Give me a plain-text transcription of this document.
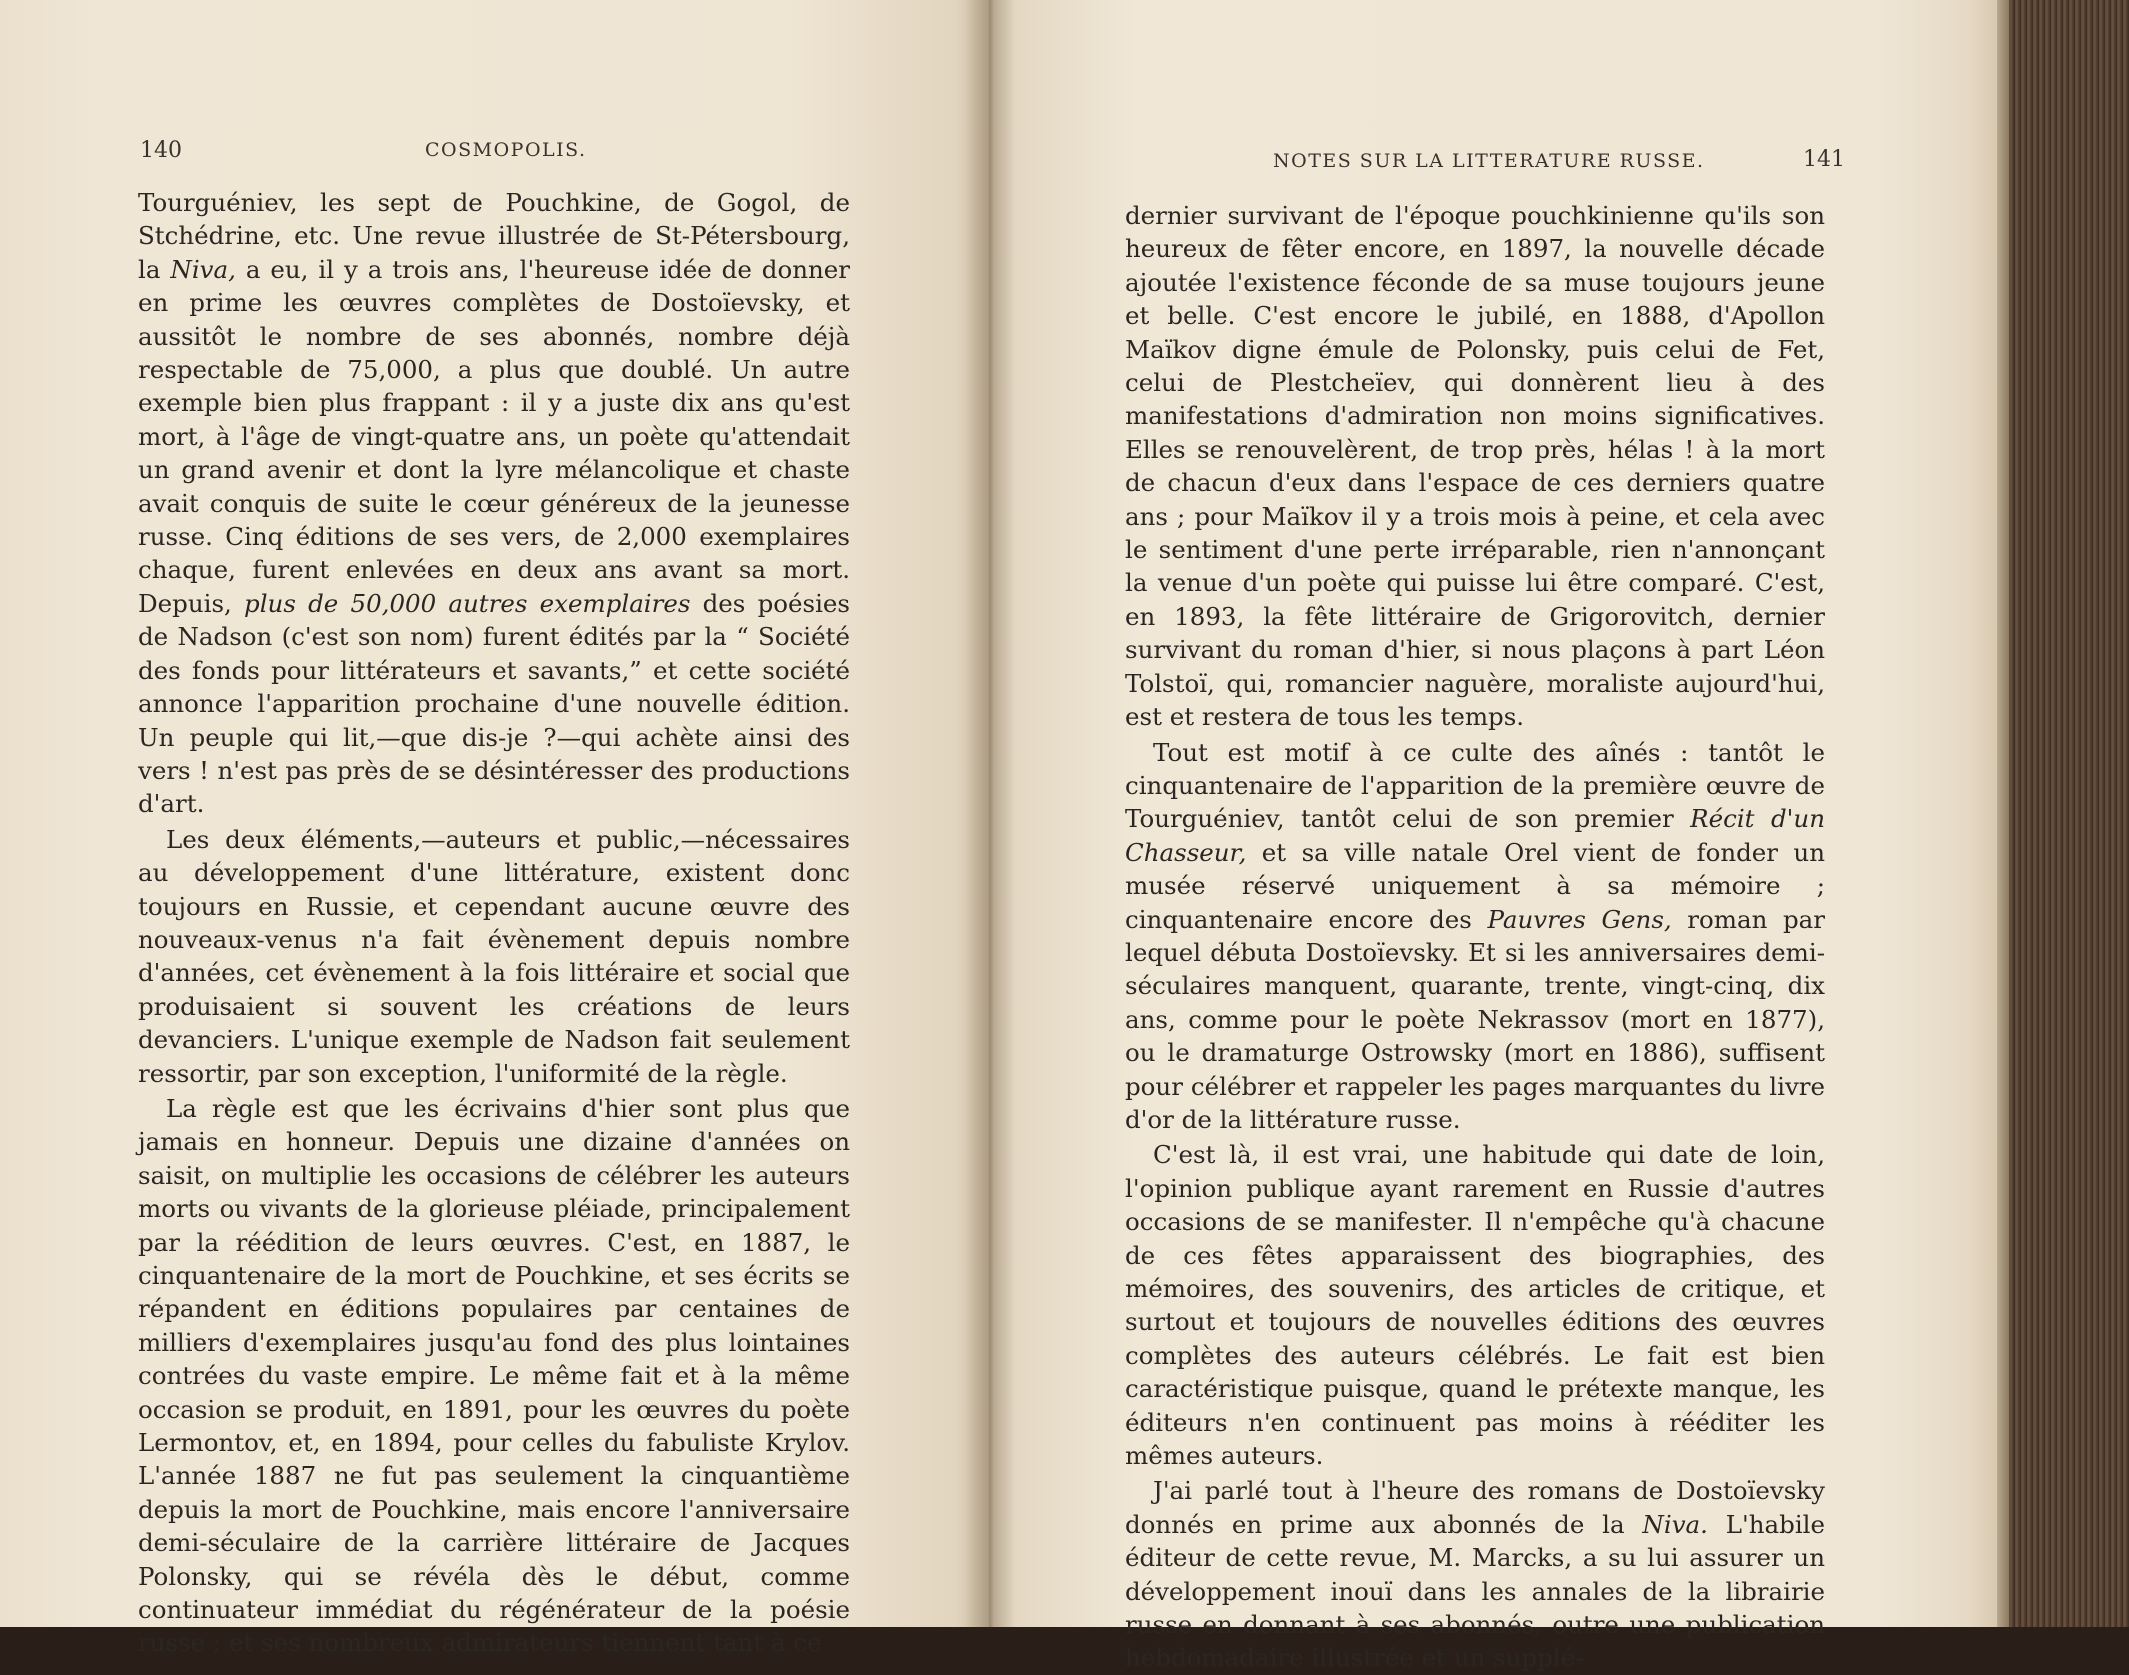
140	COSMOPOLIS.

Tourguéniev, les sept de Pouchkine, de Gogol, de Stchédrine, etc. Une revue illustrée de St-Pétersbourg, la Niva, a eu, il y a trois ans, l'heureuse idée de donner en prime les œuvres complètes de Dostoïevsky, et aussitôt le nombre de ses abonnés, nombre déjà respectable de 75,000, a plus que doublé. Un autre exemple bien plus frappant : il y a juste dix ans qu'est mort, à l'âge de vingt-quatre ans, un poète qu'attendait un grand avenir et dont la lyre mélancolique et chaste avait conquis de suite le cœur généreux de la jeunesse russe. Cinq éditions de ses vers, de 2,000 exemplaires chaque, furent enlevées en deux ans avant sa mort. Depuis, plus de 50,000 autres exemplaires des poésies de Nadson (c'est son nom) furent édités par la “ Société des fonds pour littérateurs et savants,” et cette société annonce l'apparition prochaine d'une nouvelle édition. Un peuple qui lit,—que dis-je ?—qui achète ainsi des vers ! n'est pas près de se désintéresser des productions d'art.

Les deux éléments,—auteurs et public,—nécessaires au développement d'une littérature, existent donc toujours en Russie, et cependant aucune œuvre des nouveaux-venus n'a fait évènement depuis nombre d'années, cet évènement à la fois littéraire et social que produisaient si souvent les créations de leurs devanciers. L'unique exemple de Nadson fait seulement ressortir, par son exception, l'uniformité de la règle.

La règle est que les écrivains d'hier sont plus que jamais en honneur. Depuis une dizaine d'années on saisit, on multiplie les occasions de célébrer les auteurs morts ou vivants de la glorieuse pléiade, principalement par la réédition de leurs œuvres. C'est, en 1887, le cinquantenaire de la mort de Pouchkine, et ses écrits se répandent en éditions populaires par centaines de milliers d'exemplaires jusqu'au fond des plus lointaines contrées du vaste empire. Le même fait et à la même occasion se produit, en 1891, pour les œuvres du poète Lermontov, et, en 1894, pour celles du fabuliste Krylov. L'année 1887 ne fut pas seulement la cinquantième depuis la mort de Pouchkine, mais encore l'anniversaire demi-séculaire de la carrière littéraire de Jacques Polonsky, qui se révéla dès le début, comme continuateur immédiat du régénérateur de la poésie russe ; et ses nombreux admirateurs tiennent tant à ce

NOTES SUR LA LITTERATURE RUSSE.	141

dernier survivant de l'époque pouchkinienne qu'ils son heureux de fêter encore, en 1897, la nouvelle décade ajoutée l'existence féconde de sa muse toujours jeune et belle. C'est encore le jubilé, en 1888, d'Apollon Maïkov digne émule de Polonsky, puis celui de Fet, celui de Plestcheïev, qui donnèrent lieu à des manifestations d'admiration non moins significatives. Elles se renouvelèrent, de trop près, hélas ! à la mort de chacun d'eux dans l'espace de ces derniers quatre ans ; pour Maïkov il y a trois mois à peine, et cela avec le sentiment d'une perte irréparable, rien n'annonçant la venue d'un poète qui puisse lui être comparé. C'est, en 1893, la fête littéraire de Grigorovitch, dernier survivant du roman d'hier, si nous plaçons à part Léon Tolstoï, qui, romancier naguère, moraliste aujourd'hui, est et restera de tous les temps.

Tout est motif à ce culte des aînés : tantôt le cinquantenaire de l'apparition de la première œuvre de Tourguéniev, tantôt celui de son premier Récit d'un Chasseur, et sa ville natale Orel vient de fonder un musée réservé uniquement à sa mémoire ; cinquantenaire encore des Pauvres Gens, roman par lequel débuta Dostoïevsky. Et si les anniversaires demi-séculaires manquent, quarante, trente, vingt-cinq, dix ans, comme pour le poète Nekrassov (mort en 1877), ou le dramaturge Ostrowsky (mort en 1886), suffisent pour célébrer et rappeler les pages marquantes du livre d'or de la littérature russe.

C'est là, il est vrai, une habitude qui date de loin, l'opinion publique ayant rarement en Russie d'autres occasions de se manifester. Il n'empêche qu'à chacune de ces fêtes apparaissent des biographies, des mémoires, des souvenirs, des articles de critique, et surtout et toujours de nouvelles éditions des œuvres complètes des auteurs célébrés. Le fait est bien caractéristique puisque, quand le prétexte manque, les éditeurs n'en continuent pas moins à rééditer les mêmes auteurs.

J'ai parlé tout à l'heure des romans de Dostoïevsky donnés en prime aux abonnés de la Niva. L'habile éditeur de cette revue, M. Marcks, a su lui assurer un développement inouï dans les annales de la librairie russe en donnant à ses abonnés, outre une publication hebdomadaire illustrée et un supplé-
